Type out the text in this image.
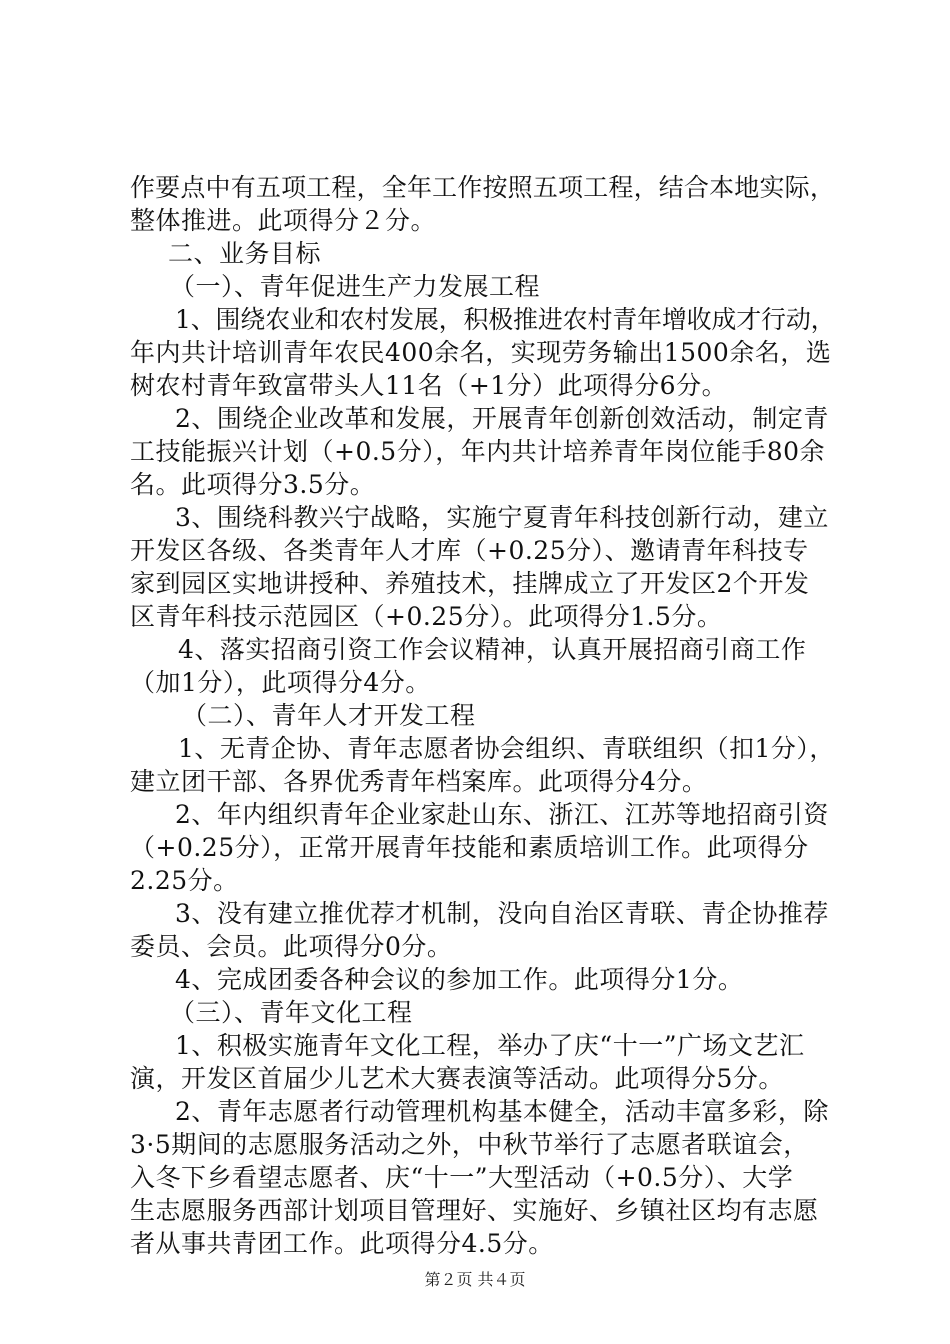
作要点中有五项工程，全年工作按照五项工程，结合本地实际，
整体推进。此项得分２分。
二、业务目标
（一）、青年促进生产力发展工程
1、围绕农业和农村发展，积极推进农村青年增收成才行动，
年内共计培训青年农民400余名，实现劳务输出1500余名，选
树农村青年致富带头人11名（+1分）此项得分6分。
2、围绕企业改革和发展，开展青年创新创效活动，制定青
工技能振兴计划（+0.5分），年内共计培养青年岗位能手80余
名。此项得分3.5分。
3、围绕科教兴宁战略，实施宁夏青年科技创新行动，建立
开发区各级、各类青年人才库（+0.25分）、邀请青年科技专
家到园区实地讲授种、养殖技术，挂牌成立了开发区2个开发
区青年科技示范园区（+0.25分）。此项得分1.5分。
4、落实招商引资工作会议精神，认真开展招商引商工作
（加1分），此项得分4分。
（二）、青年人才开发工程
1、无青企协、青年志愿者协会组织、青联组织（扣1分），
建立团干部、各界优秀青年档案库。此项得分4分。
2、年内组织青年企业家赴山东、浙江、江苏等地招商引资
（+0.25分），正常开展青年技能和素质培训工作。此项得分
2.25分。
3、没有建立推优荐才机制，没向自治区青联、青企协推荐
委员、会员。此项得分0分。
4、完成团委各种会议的参加工作。此项得分1分。
（三）、青年文化工程
1、积极实施青年文化工程，举办了庆“十一”广场文艺汇
演，开发区首届少儿艺术大赛表演等活动。此项得分5分。
2、青年志愿者行动管理机构基本健全，活动丰富多彩，除
3·5期间的志愿服务活动之外，中秋节举行了志愿者联谊会，
入冬下乡看望志愿者、庆“十一”大型活动（+0.5分）、大学
生志愿服务西部计划项目管理好、实施好、乡镇社区均有志愿
者从事共青团工作。此项得分4.5分。
第２页 共４页
